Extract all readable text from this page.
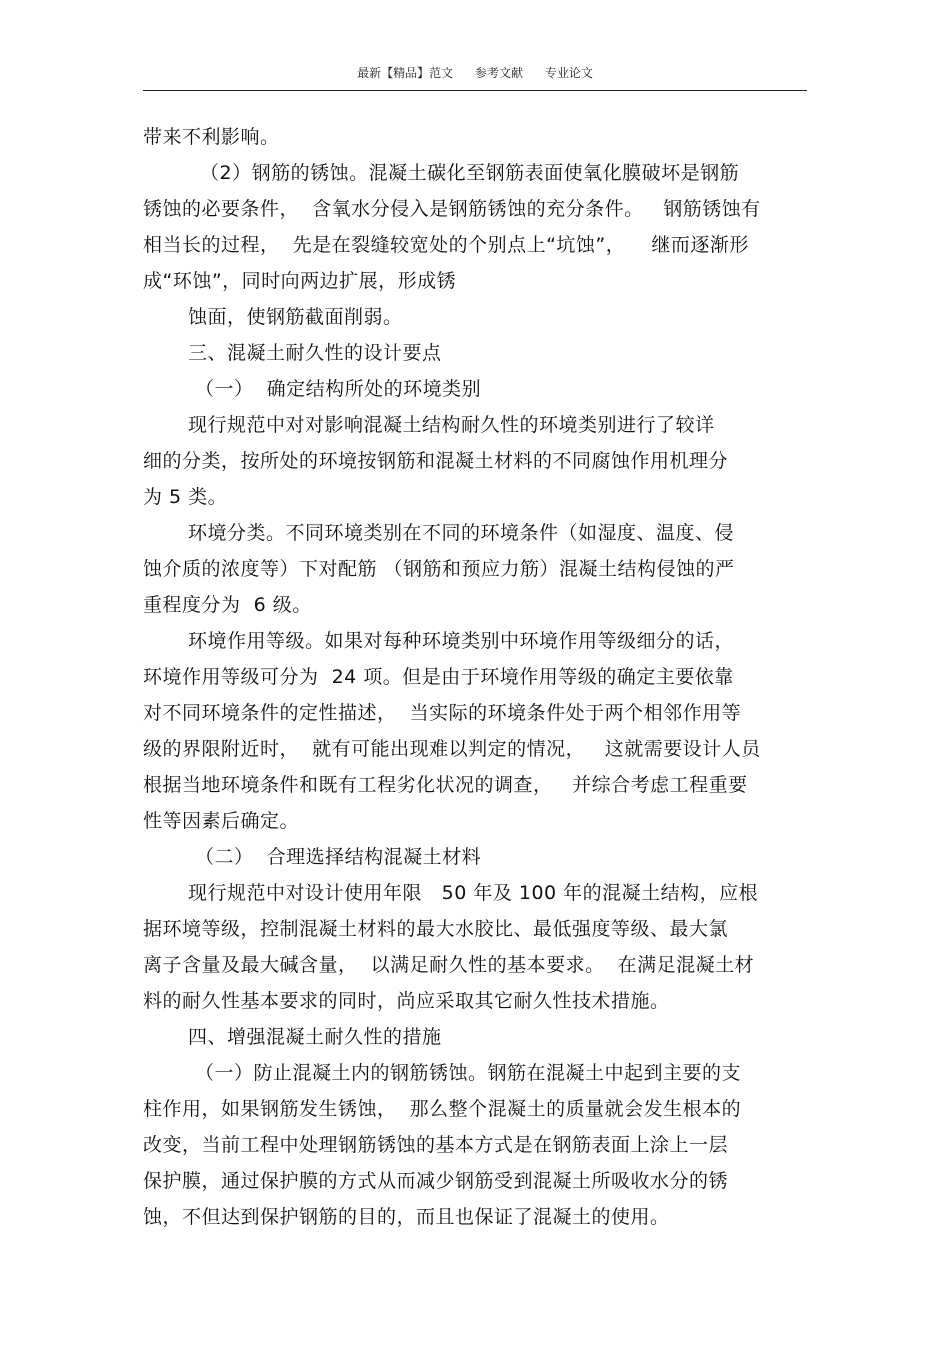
最新【精品】范文 参考文献 专业论文
带来不利影响。
（2）钢筋的锈蚀。混凝土碳化至钢筋表面使氧化膜破坏是钢筋
锈蚀的必要条件，  含氧水分侵入是钢筋锈蚀的充分条件。   钢筋锈蚀有
相当长的过程，  先是在裂缝较宽处的个别点上“坑蚀”，    继而逐渐形
成“环蚀”，同时向两边扩展，形成锈
蚀面，使钢筋截面削弱。
三、混凝土耐久性的设计要点
（一）  确定结构所处的环境类别
现行规范中对对影响混凝土结构耐久性的环境类别进行了较详
细的分类，按所处的环境按钢筋和混凝土材料的不同腐蚀作用机理分
为 5 类。
环境分类。不同环境类别在不同的环境条件（如湿度、温度、侵
蚀介质的浓度等）下对配筋 （钢筋和预应力筋）混凝土结构侵蚀的严
重程度分为  6 级。
环境作用等级。如果对每种环境类别中环境作用等级细分的话，
环境作用等级可分为  24 项。但是由于环境作用等级的确定主要依靠
对不同环境条件的定性描述，  当实际的环境条件处于两个相邻作用等
级的界限附近时，  就有可能出现难以判定的情况，   这就需要设计人员
根据当地环境条件和既有工程劣化状况的调查，   并综合考虑工程重要
性等因素后确定。
（二）  合理选择结构混凝土材料
现行规范中对设计使用年限   50 年及 100 年的混凝土结构，应根
据环境等级，控制混凝土材料的最大水胶比、最低强度等级、最大氯
离子含量及最大碱含量，  以满足耐久性的基本要求。  在满足混凝土材
料的耐久性基本要求的同时，尚应采取其它耐久性技术措施。
四、增强混凝土耐久性的措施
（一）防止混凝土内的钢筋锈蚀。钢筋在混凝土中起到主要的支
柱作用，如果钢筋发生锈蚀，  那么整个混凝土的质量就会发生根本的
改变，当前工程中处理钢筋锈蚀的基本方式是在钢筋表面上涂上一层
保护膜，通过保护膜的方式从而减少钢筋受到混凝土所吸收水分的锈
蚀，不但达到保护钢筋的目的，而且也保证了混凝土的使用。
